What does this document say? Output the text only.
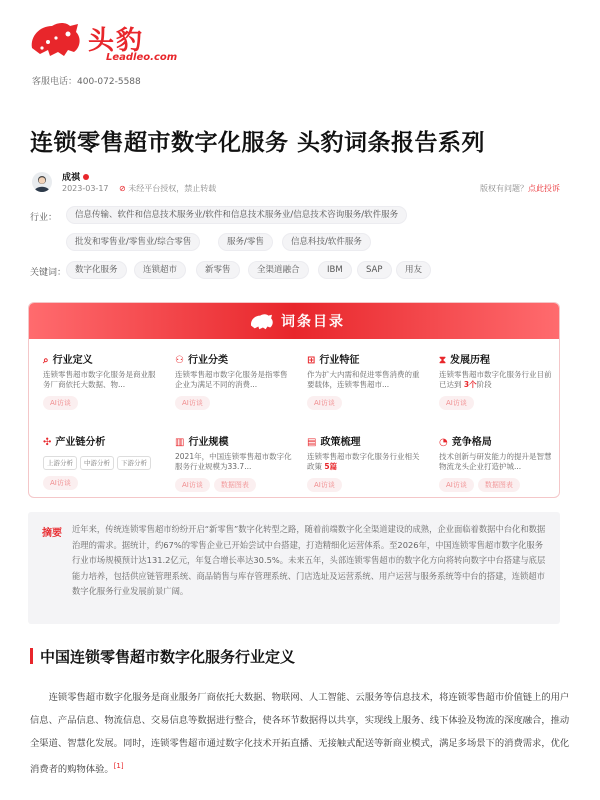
头豹
Leadleo.com
客服电话：400-072-5588
连锁零售超市数字化服务 头豹词条报告系列
成祺
2023-03-17 ⊘ 未经平台授权，禁止转载	版权有问题？点此投诉
行业：	信息传输、软件和信息技术服务业/软件和信息技术服务业/信息技术咨询服务/软件服务
批发和零售业/零售业/综合零售	服务/零售	信息科技/软件服务
关键词：	数字化服务	连锁超市	新零售	全渠道融合	IBM	SAP	用友
词条目录
⌕ 行业定义
连锁零售超市数字化服务是商业服务厂商依托大数据、物...
AI访谈
⚇ 行业分类
连锁零售超市数字化服务是指零售企业为满足不同的消费...
AI访谈
⊞ 行业特征
作为扩大内需和促进零售消费的重要载体，连锁零售超市...
AI访谈
⧗ 发展历程
连锁零售超市数字化服务行业目前已达到 3个阶段
AI访谈
✣ 产业链分析
上游分析 中游分析 下游分析
AI访谈
▥ 行业规模
2021年，中国连锁零售超市数字化服务行业规模为33.7...
AI访谈	数据图表
▤ 政策梳理
连锁零售超市数字化服务行业相关政策 5篇
AI访谈
◔ 竞争格局
技术创新与研发能力的提升是智慧物流龙头企业打造护城...
AI访谈	数据图表
摘要 近年来，传统连锁零售超市纷纷开启“新零售”数字化转型之路，随着前端数字化全渠道建设的成熟，企业面临着数据中台化和数据治理的需求。据统计，约67%的零售企业已开始尝试中台搭建，打造精细化运营体系。至2026年，中国连锁零售超市数字化服务行业市场规模预计达131.2亿元，年复合增长率达30.5%。未来五年，头部连锁零售超市的数字化方向将转向数字中台搭建与底层能力培养，包括供应链管理系统、商品销售与库存管理系统、门店选址及运营系统、用户运营与服务系统等中台的搭建，连锁超市数字化服务行业发展前景广阔。
中国连锁零售超市数字化服务行业定义

连锁零售超市数字化服务是商业服务厂商依托大数据、物联网、人工智能、云服务等信息技术，将连锁零售超市价值链上的用户信息、产品信息、物流信息、交易信息等数据进行整合，使各环节数据得以共享，实现线上服务、线下体验及物流的深度融合，推动全渠道、智慧化发展。同时，连锁零售超市通过数字化技术开拓直播、无接触式配送等新商业模式，满足多场景下的消费需求，优化消费者的购物体验。[1]
